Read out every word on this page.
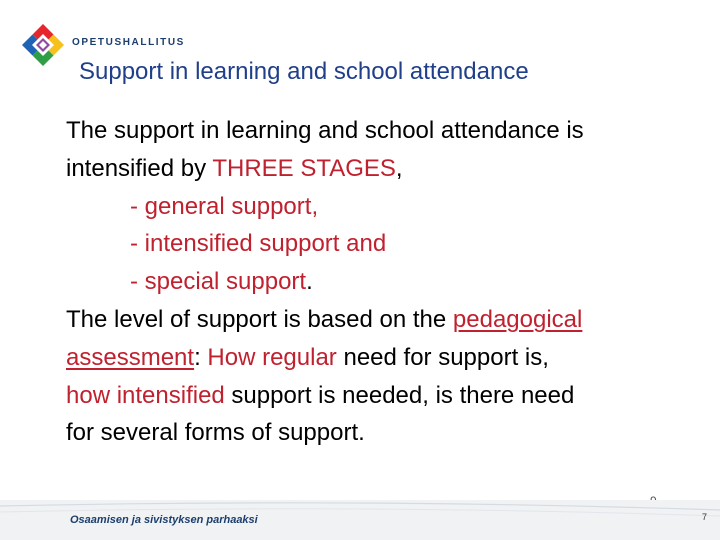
OPETUSHALLITUS
Support in learning and school attendance
The support in learning and school attendance is
intensified by THREE STAGES,
- general support,
- intensified support and
- special support.
The level of support is based on the pedagogical
assessment: How regular need for support is,
how intensified support is needed, is there need
for several forms of support.
Osaamisen ja sivistyksen parhaaksi	7
